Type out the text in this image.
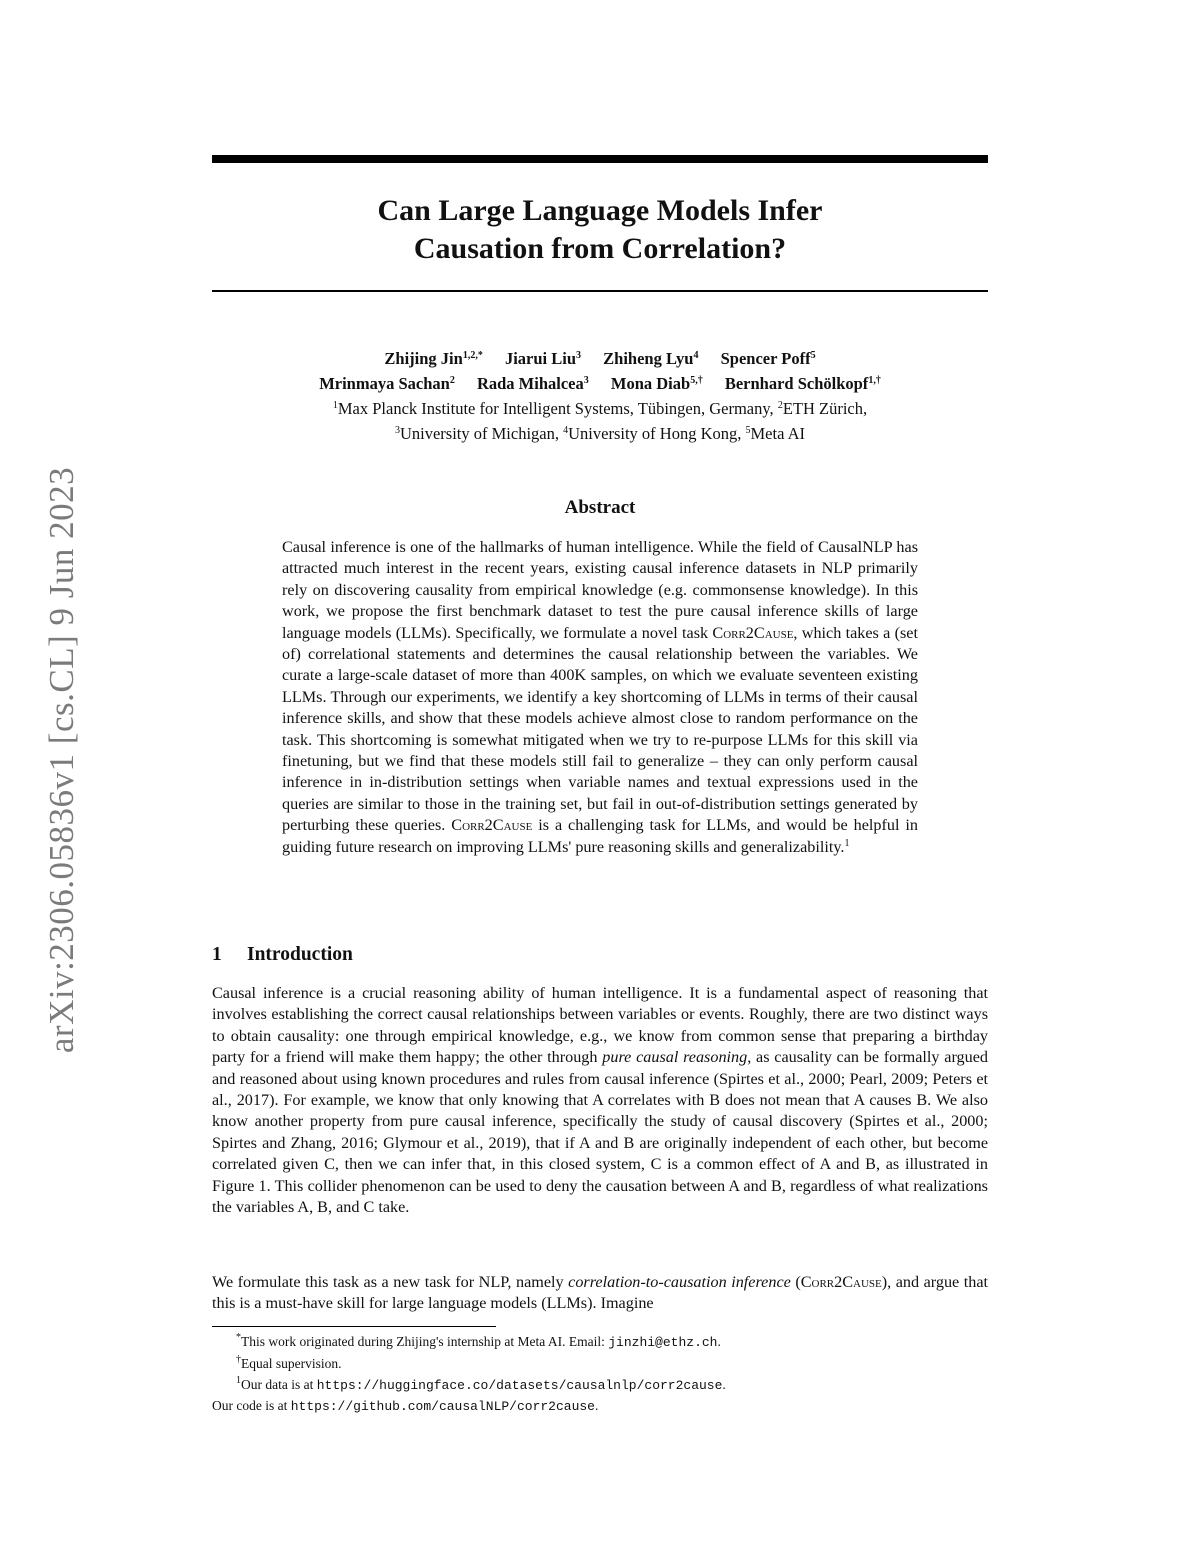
arXiv:2306.05836v1 [cs.CL] 9 Jun 2023
Can Large Language Models Infer
Causation from Correlation?
Zhijing Jin$^{1,2,*}$ Jiarui Liu$^3$ Zhiheng Lyu$^4$ Spencer Poff$^5$
Mrinmaya Sachan$^2$ Rada Mihalcea$^3$ Mona Diab$^{5,\dagger}$ Bernhard Schölkopf$^{1,\dagger}$
$^1$Max Planck Institute for Intelligent Systems, Tübingen, Germany, $^2$ETH Zürich,
$^3$University of Michigan, $^4$University of Hong Kong, $^5$Meta AI
Abstract
Causal inference is one of the hallmarks of human intelligence. While the field of CausalNLP has attracted much interest in the recent years, existing causal inference datasets in NLP primarily rely on discovering causality from empirical knowledge (e.g. commonsense knowledge). In this work, we propose the first benchmark dataset to test the pure causal inference skills of large language models (LLMs). Specifically, we formulate a novel task Corr2Cause, which takes a (set of) correlational statements and determines the causal relationship between the variables. We curate a large-scale dataset of more than 400K samples, on which we evaluate seventeen existing LLMs. Through our experiments, we identify a key shortcoming of LLMs in terms of their causal inference skills, and show that these models achieve almost close to random performance on the task. This shortcoming is somewhat mitigated when we try to re-purpose LLMs for this skill via finetuning, but we find that these models still fail to generalize – they can only perform causal inference in in-distribution settings when variable names and textual expressions used in the queries are similar to those in the training set, but fail in out-of-distribution settings generated by perturbing these queries. Corr2Cause is a challenging task for LLMs, and would be helpful in guiding future research on improving LLMs' pure reasoning skills and generalizability.$^1$
1 Introduction
Causal inference is a crucial reasoning ability of human intelligence. It is a fundamental aspect of reasoning that involves establishing the correct causal relationships between variables or events. Roughly, there are two distinct ways to obtain causality: one through empirical knowledge, e.g., we know from common sense that preparing a birthday party for a friend will make them happy; the other through pure causal reasoning, as causality can be formally argued and reasoned about using known procedures and rules from causal inference (Spirtes et al., 2000; Pearl, 2009; Peters et al., 2017). For example, we know that only knowing that A correlates with B does not mean that A causes B. We also know another property from pure causal inference, specifically the study of causal discovery (Spirtes et al., 2000; Spirtes and Zhang, 2016; Glymour et al., 2019), that if A and B are originally independent of each other, but become correlated given C, then we can infer that, in this closed system, C is a common effect of A and B, as illustrated in Figure 1. This collider phenomenon can be used to deny the causation between A and B, regardless of what realizations the variables A, B, and C take.
We formulate this task as a new task for NLP, namely correlation-to-causation inference (Corr2Cause), and argue that this is a must-have skill for large language models (LLMs). Imagine
*This work originated during Zhijing's internship at Meta AI. Email: jinzhi@ethz.ch.
†Equal supervision.
$^1$Our data is at https://huggingface.co/datasets/causalnlp/corr2cause.
Our code is at https://github.com/causalNLP/corr2cause.
